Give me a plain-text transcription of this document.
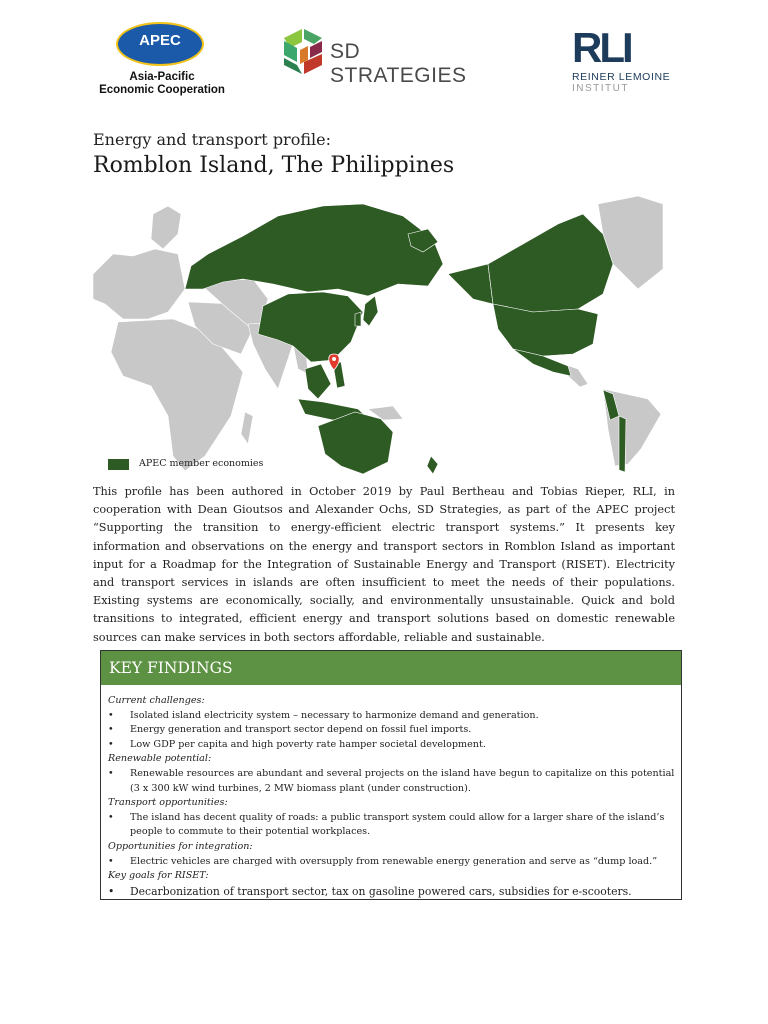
APEC
Asia-Pacific
Economic Cooperation
SD STRATEGIES
RLI
REINER LEMOINE
INSTITUT
Energy and transport profile:
Romblon Island, The Philippines
APEC member economies
This profile has been authored in October 2019 by Paul Bertheau and Tobias Rieper, RLI, in cooperation with Dean Gioutsos and Alexander Ochs, SD Strategies, as part of the APEC project “Supporting the transition to energy-efficient electric transport systems.” It presents key information and observations on the energy and transport sectors in Romblon Island as important input for a Roadmap for the Integration of Sustainable Energy and Transport (RISET). Electricity and transport services in islands are often insufficient to meet the needs of their populations. Existing systems are economically, socially, and environmentally unsustainable. Quick and bold transitions to integrated, efficient energy and transport solutions based on domestic renewable sources can make services in both sectors affordable, reliable and sustainable.
KEY FINDINGS
Current challenges:
• Isolated island electricity system – necessary to harmonize demand and generation.
• Energy generation and transport sector depend on fossil fuel imports.
• Low GDP per capita and high poverty rate hamper societal development.
Renewable potential:
• Renewable resources are abundant and several projects on the island have begun to capitalize on this potential (3 x 300 kW wind turbines, 2 MW biomass plant (under construction).
Transport opportunities:
• The island has decent quality of roads: a public transport system could allow for a larger share of the island’s people to commute to their potential workplaces.
Opportunities for integration:
• Electric vehicles are charged with oversupply from renewable energy generation and serve as “dump load.”
Key goals for RISET:
• Decarbonization of transport sector, tax on gasoline powered cars, subsidies for e-scooters.
